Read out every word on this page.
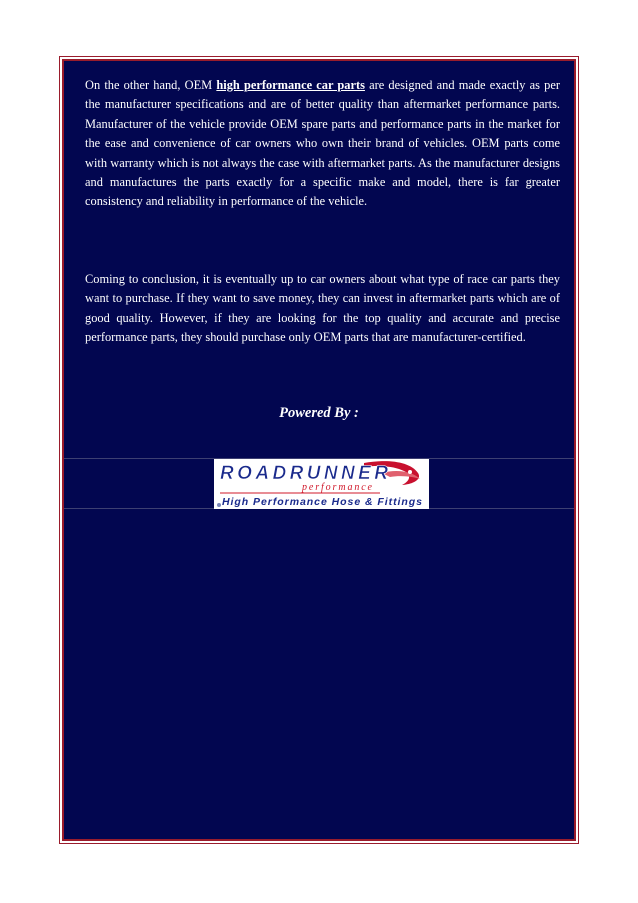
On the other hand, OEM high performance car parts are designed and made exactly as per the manufacturer specifications and are of better quality than aftermarket performance parts. Manufacturer of the vehicle provide OEM spare parts and performance parts in the market for the ease and convenience of car owners who own their brand of vehicles. OEM parts come with warranty which is not always the case with aftermarket parts. As the manufacturer designs and manufactures the parts exactly for a specific make and model, there is far greater consistency and reliability in performance of the vehicle.

Coming to conclusion, it is eventually up to car owners about what type of race car parts they want to purchase. If they want to save money, they can invest in aftermarket parts which are of good quality. However, if they are looking for the top quality and accurate and precise performance parts, they should purchase only OEM parts that are manufacturer-certified.

Powered By :

ROADRUNNER
performance
High Performance Hose & Fittings
